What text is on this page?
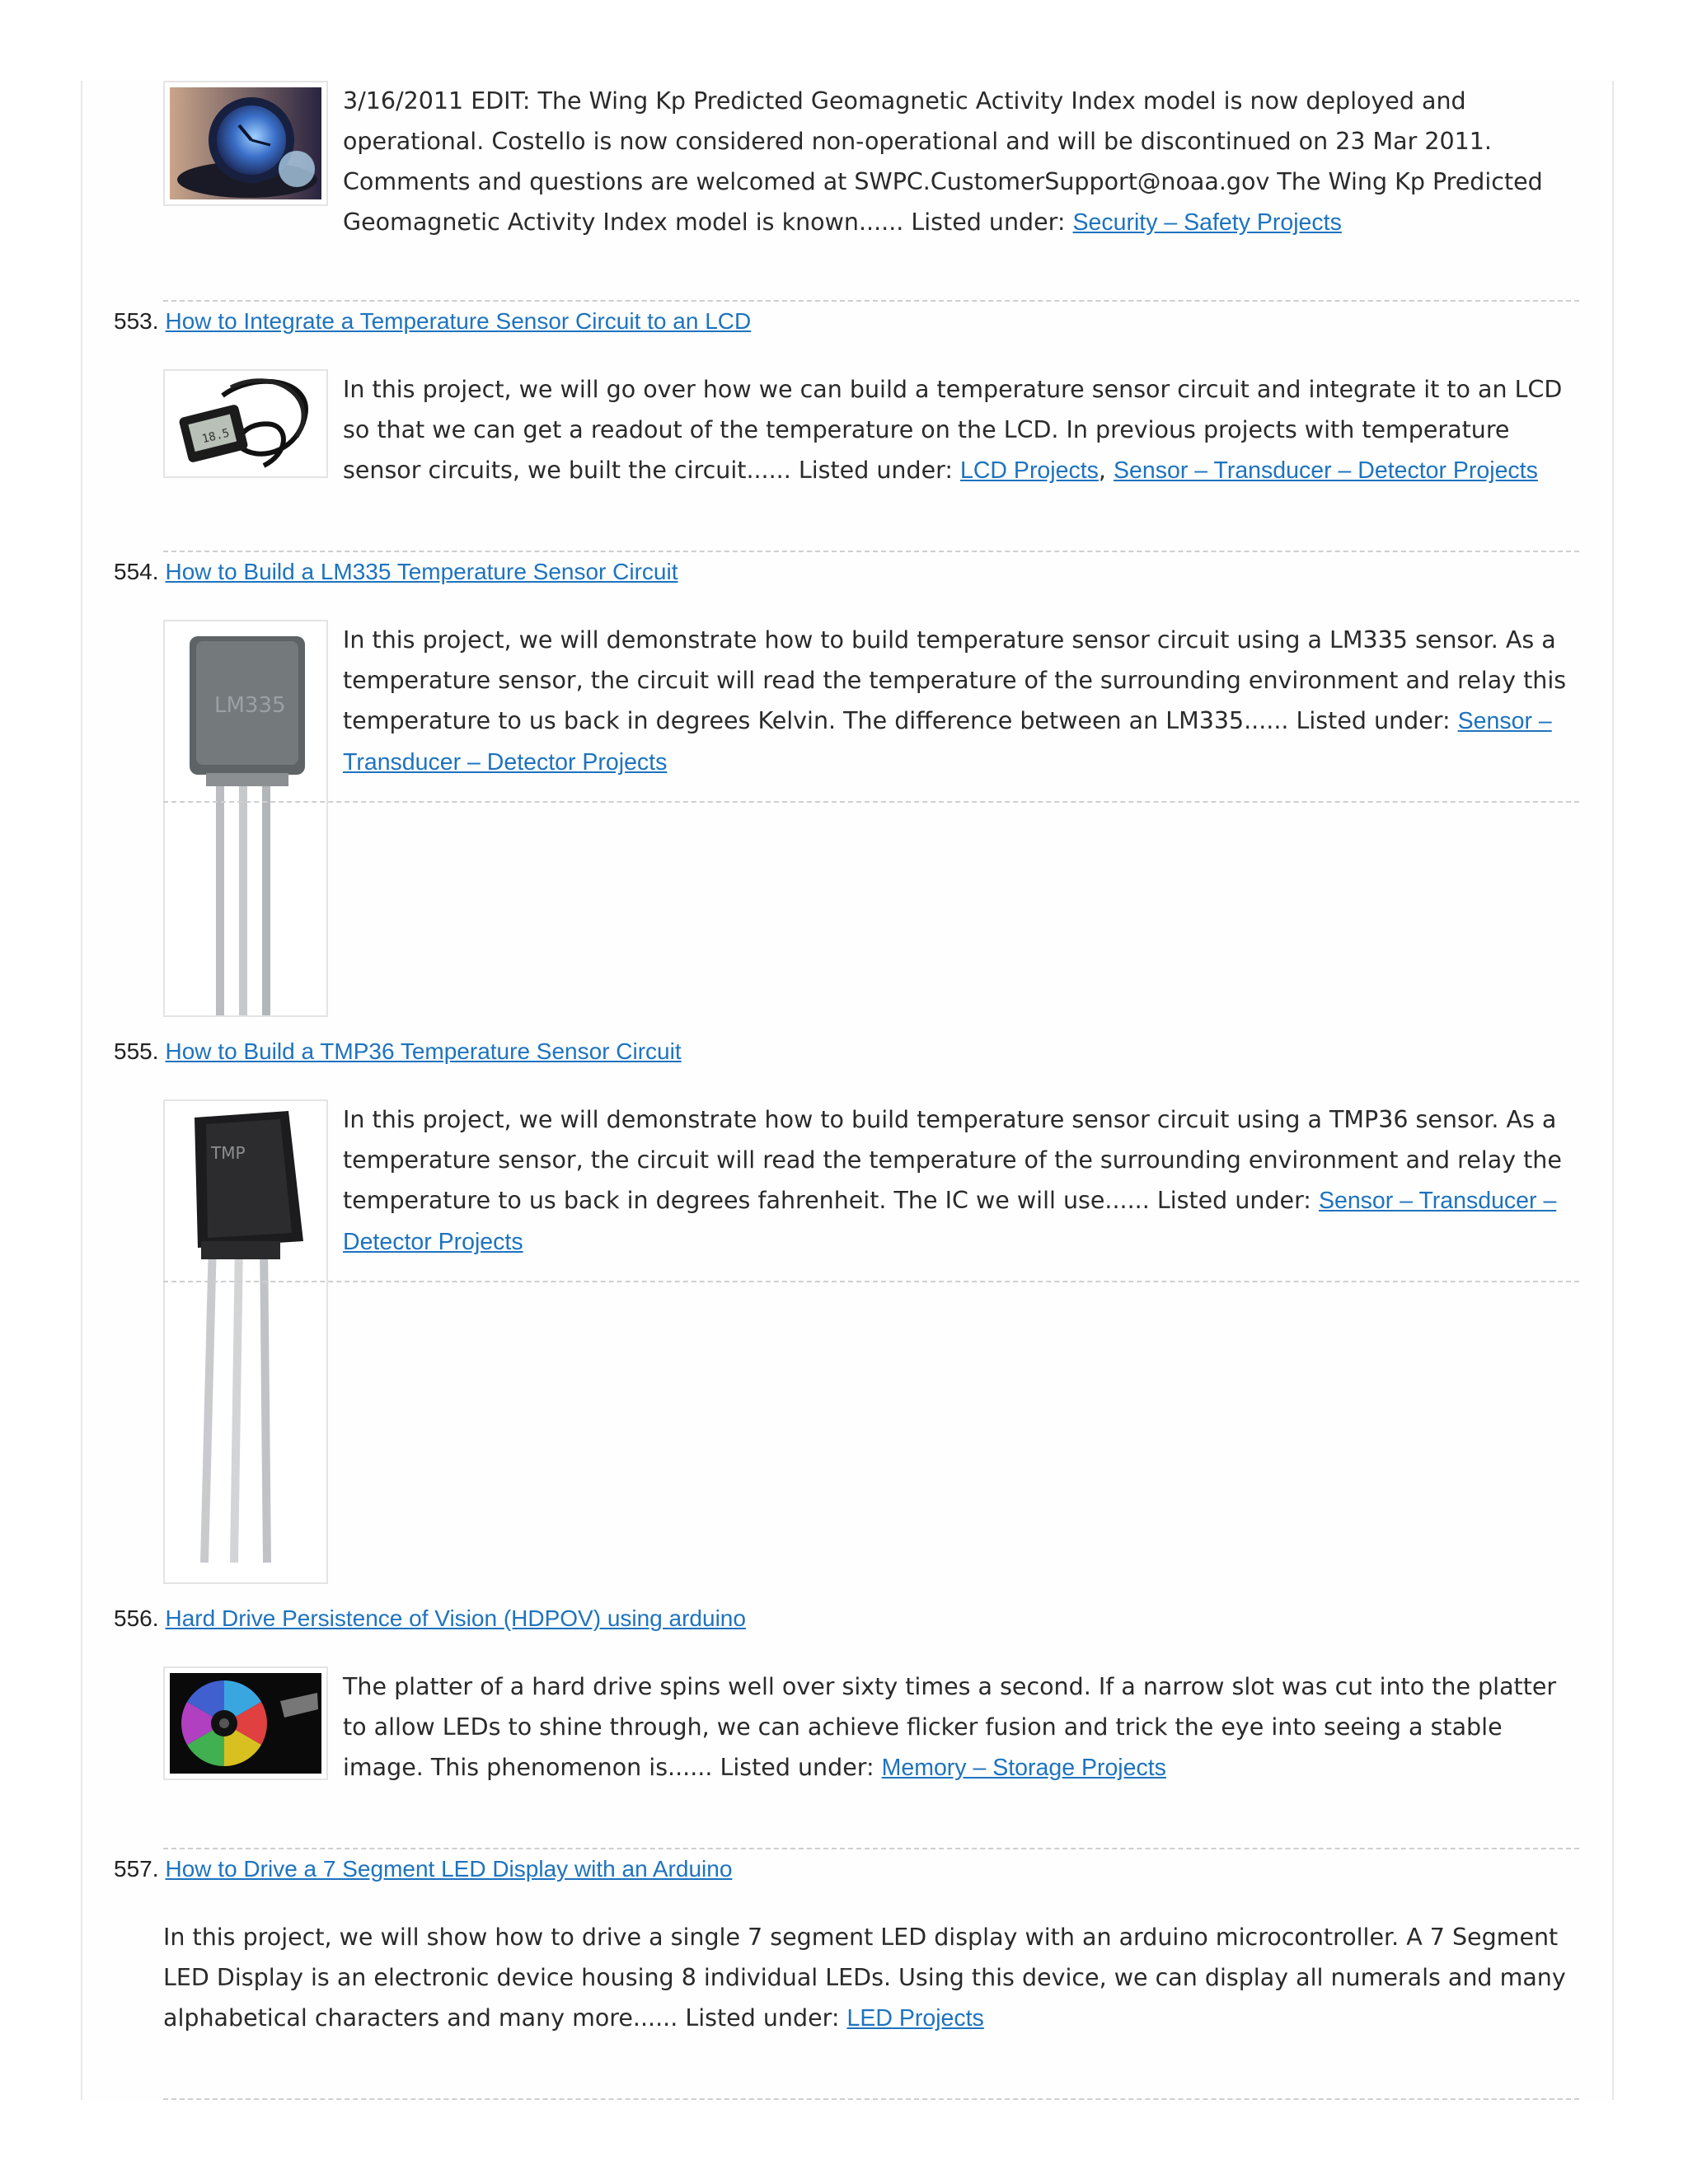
3/16/2011 EDIT: The Wing Kp Predicted Geomagnetic Activity Index model is now deployed and operational. Costello is now considered non-operational and will be discontinued on 23 Mar 2011. Comments and questions are welcomed at SWPC.CustomerSupport@noaa.gov The Wing Kp Predicted Geomagnetic Activity Index model is known...... Listed under: Security – Safety Projects
553. How to Integrate a Temperature Sensor Circuit to an LCD
18.5
In this project, we will go over how we can build a temperature sensor circuit and integrate it to an LCD so that we can get a readout of the temperature on the LCD. In previous projects with temperature sensor circuits, we built the circuit...... Listed under: LCD Projects, Sensor – Transducer – Detector Projects
554. How to Build a LM335 Temperature Sensor Circuit
LM335
In this project, we will demonstrate how to build temperature sensor circuit using a LM335 sensor. As a temperature sensor, the circuit will read the temperature of the surrounding environment and relay this temperature to us back in degrees Kelvin. The difference between an LM335...... Listed under: Sensor – Transducer – Detector Projects
555. How to Build a TMP36 Temperature Sensor Circuit
TMP
In this project, we will demonstrate how to build temperature sensor circuit using a TMP36 sensor. As a temperature sensor, the circuit will read the temperature of the surrounding environment and relay the temperature to us back in degrees fahrenheit. The IC we will use...... Listed under: Sensor – Transducer – Detector Projects
556. Hard Drive Persistence of Vision (HDPOV) using arduino
The platter of a hard drive spins well over sixty times a second. If a narrow slot was cut into the platter to allow LEDs to shine through, we can achieve flicker fusion and trick the eye into seeing a stable image. This phenomenon is...... Listed under: Memory – Storage Projects
557. How to Drive a 7 Segment LED Display with an Arduino
In this project, we will show how to drive a single 7 segment LED display with an arduino microcontroller. A 7 Segment LED Display is an electronic device housing 8 individual LEDs. Using this device, we can display all numerals and many alphabetical characters and many more...... Listed under: LED Projects
